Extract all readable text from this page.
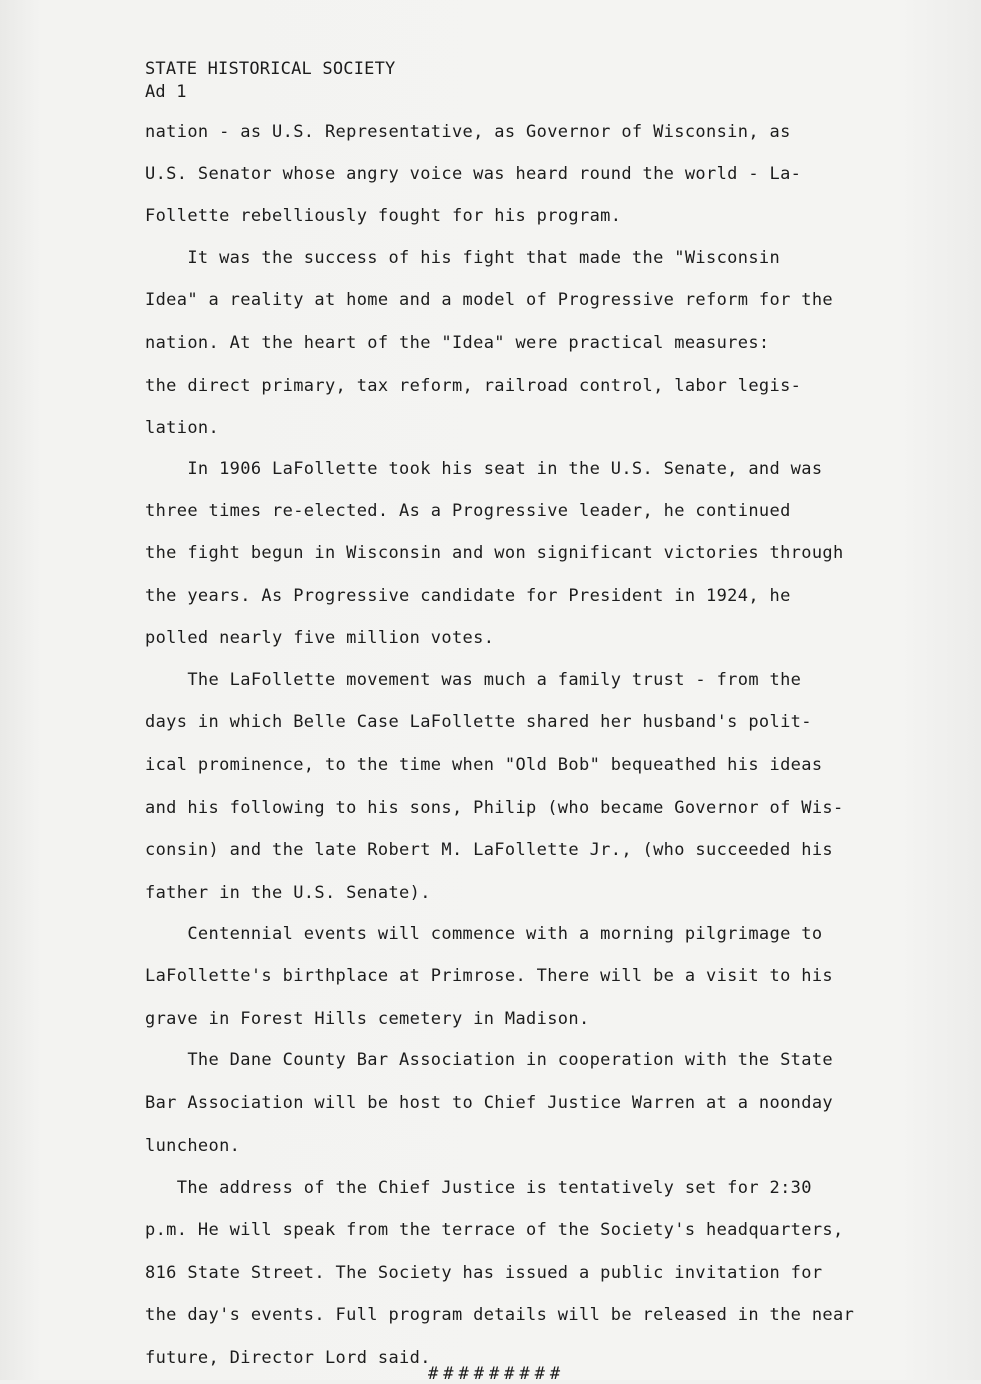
STATE HISTORICAL SOCIETY
Ad 1
nation - as U.S. Representative, as Governor of Wisconsin, as
U.S. Senator whose angry voice was heard round the world - La-
Follette rebelliously fought for his program.
It was the success of his fight that made the "Wisconsin
Idea" a reality at home and a model of Progressive reform for the
nation. At the heart of the "Idea" were practical measures:
the direct primary, tax reform, railroad control, labor legis-
lation.
In 1906 LaFollette took his seat in the U.S. Senate, and was
three times re-elected. As a Progressive leader, he continued
the fight begun in Wisconsin and won significant victories through
the years. As Progressive candidate for President in 1924, he
polled nearly five million votes.
The LaFollette movement was much a family trust - from the
days in which Belle Case LaFollette shared her husband's polit-
ical prominence, to the time when "Old Bob" bequeathed his ideas
and his following to his sons, Philip (who became Governor of Wis-
consin) and the late Robert M. LaFollette Jr., (who succeeded his
father in the U.S. Senate).
Centennial events will commence with a morning pilgrimage to
LaFollette's birthplace at Primrose. There will be a visit to his
grave in Forest Hills cemetery in Madison.
The Dane County Bar Association in cooperation with the State
Bar Association will be host to Chief Justice Warren at a noonday
luncheon.
The address of the Chief Justice is tentatively set for 2:30
p.m. He will speak from the terrace of the Society's headquarters,
816 State Street. The Society has issued a public invitation for
the day's events. Full program details will be released in the near
future, Director Lord said.
#########
